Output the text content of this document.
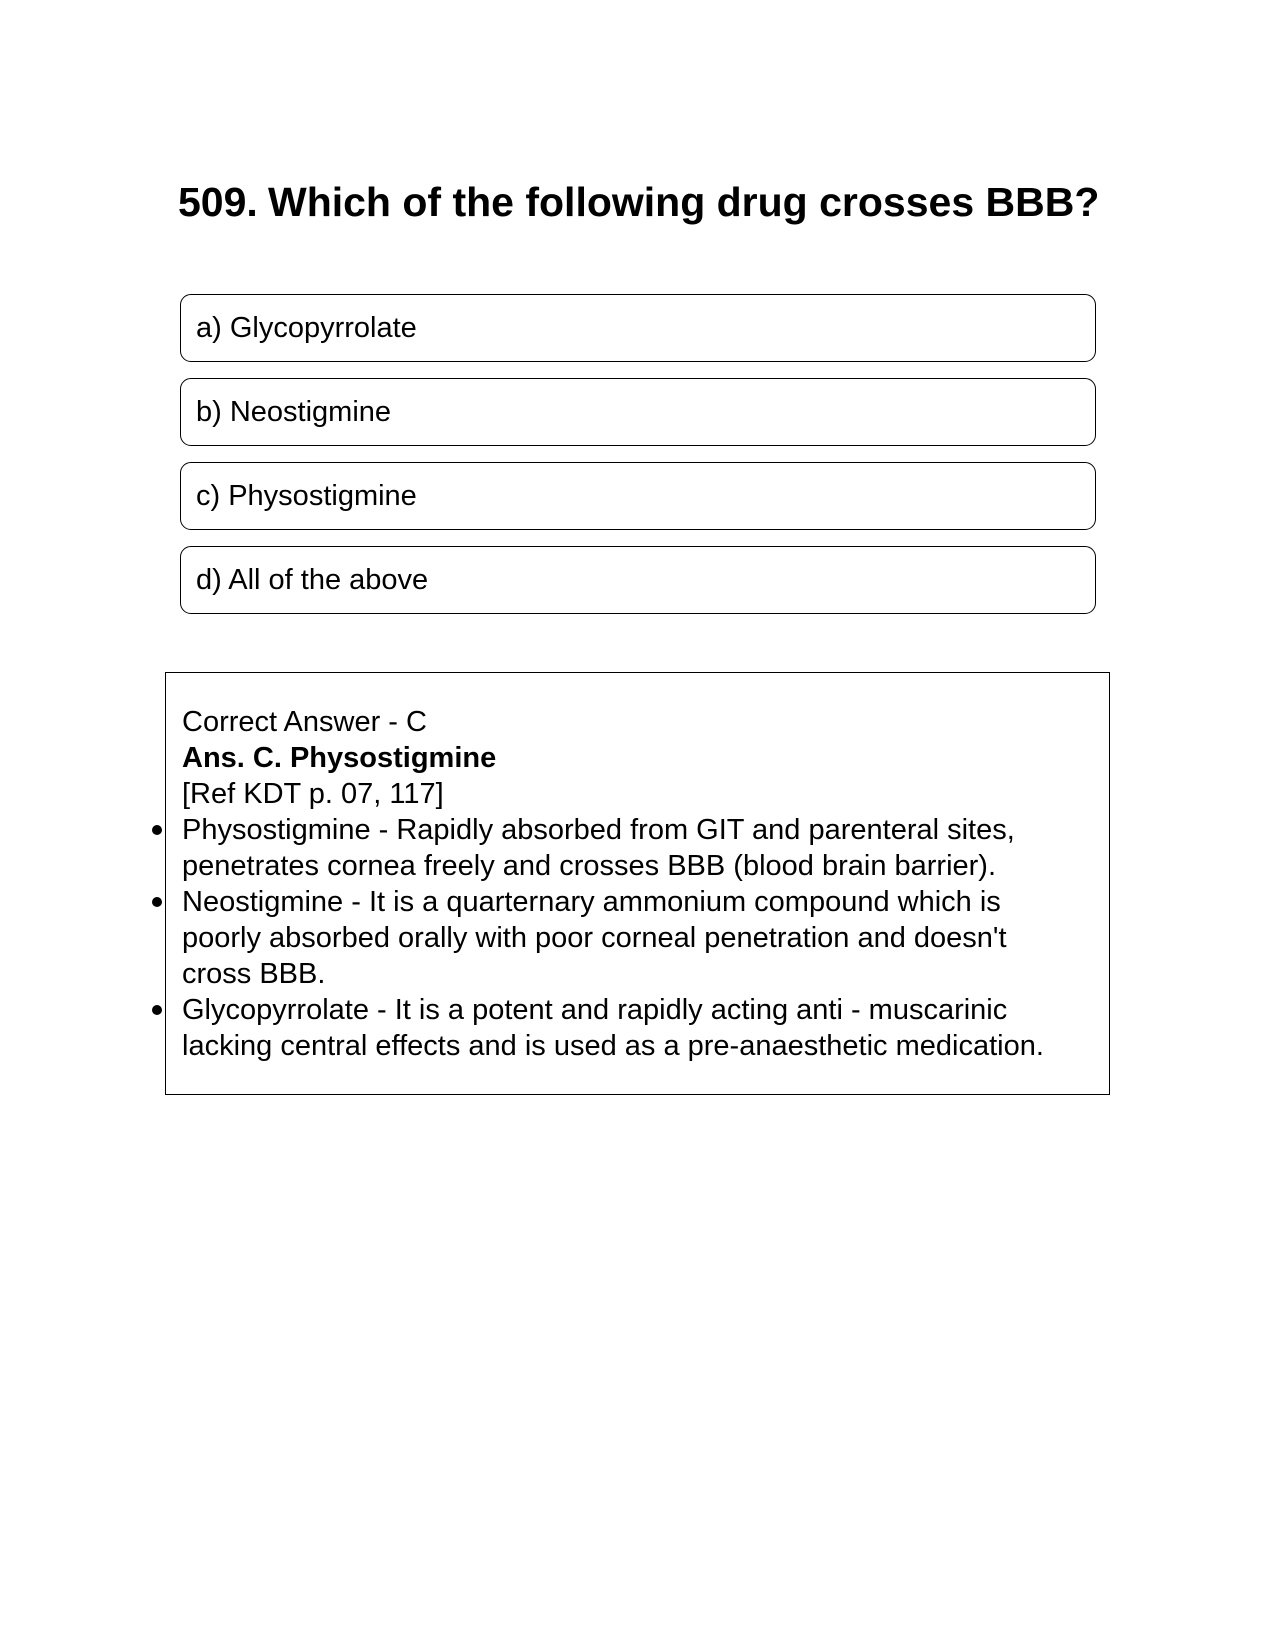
509. Which of the following drug crosses BBB?
a) Glycopyrrolate
b) Neostigmine
c) Physostigmine
d) All of the above
Correct Answer - C
Ans. C. Physostigmine
[Ref KDT p. 07, 117]
Physostigmine - Rapidly absorbed from GIT and parenteral sites, penetrates cornea freely and crosses BBB (blood brain barrier).
Neostigmine - It is a quarternary ammonium compound which is poorly absorbed orally with poor corneal penetration and doesn't cross BBB.
Glycopyrrolate - It is a potent and rapidly acting anti - muscarinic lacking central effects and is used as a pre-anaesthetic medication.
